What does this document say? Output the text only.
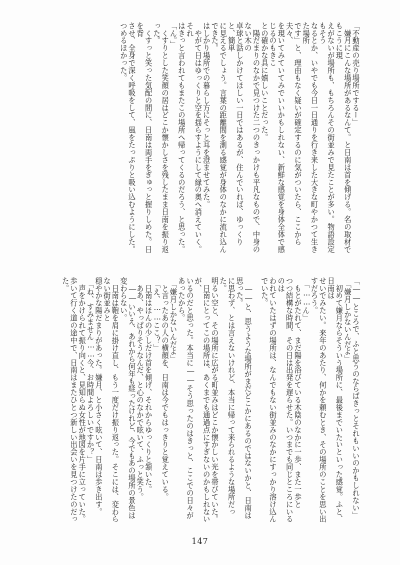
「不動産の売り場所でするー」

　嫌月にこんな場所があるなんて。と日南は首を傾げる。名の取材でもこうに現

えがないが場所も、もちろんその街並みで見たことが多い。物語設定もそう

なるとか、いやでも今日一日通りを行き来した大きな町やかつて生きた場所

です」と、理由もなく疑いが確定するのに気がついたら、ここから夫々、

を現いてみていてみでいいかもしれない、新鮮な感覚を身体全体で感じるのもきこ

との確かな具に嬉しいことだった。

　陽だまりのなかで見つけた二つのきっかけも平凡なもので、中身のない木の

卓球と話しかけてほしい一日ではあるが、住んでいれば、ゆっくりと、簡単

に見えるでしょう。言葉の距離間を測る感覚が身体のなかに流れ込んできた。

はしかり場所での暮らし方にそっと耳を澄ませてみた。

　やがて日はゆっくりと空を揺らすようにして縁の奥へ消えていく。それ

はきっと言われてもまたこの場所へ帰ってくるのだろう、と思った。

「ん。」

　くすりとした笑顔の居はどこか懐かしさを残したまま日南を振り返った。

　くすっと笑った気配の間に、日南は両手をぎゅっと握りしめた。日を背

させ、全身で深く呼吸をして、風をたっぷりと吸い込むようにした。

つめるほかった。

「――ところで、ふと思うのならばきっとそれもいいのかもしれない」

　「嫌月しかないんだよ」

　初めて嫌月ならそういう場所に、最後までいたいといった感覚。ふと、日南は

せいでみたい。来年のあたり、何かを頼むとき、その場所のことを思い出すだろう。

　「……ん」

　もとがたれて、まだ陽を浴びている木陰のなかに一歩、また一歩と

つつ結構な時間、その日は出発を遅らせた。いつまでも同じところにいるのは

われていたはずの場所は、なんでもない街並みのなかにすっかり溶け込んでいた。

　――と、思うような場所がまだどこかにあるのではないかと、日南は思った。

に思わず、とは言えないけれど、本当に帰って来られるような場所だった。

明るい空と、その場所に広がる町並みはどこか懐かしい光を帯びていた。

　日南にとってこの場所は、あくまでも通過点にすぎないのかもしれないが、

いるのだと思った。本当に――そう思ったのはきっと、ここでの日々があったから。

　「嫌月しかないんだよ」

　と言ったあの人の横顔を、日南は今でもはっきりと覚えている。

　「え、……ここ？」

　日南はほんの少しだけ首を傾げ、それからゆっくりと頷いた。

　ああ、やっぱりそうなんだ、と心のなかで呟いて、ふっと笑う。

　――いいえ、あれから何年も経ったけれど、今でもあの場所の景色は変わらない。

　日南は鞄を肩に掛け直し、もう一度だけ振り返った。そこには、変わらない街並みと

穏やかな陽だまりがあった。嫌月、と小さく呟いて、日南は歩き出す。

　「ね、すみません……今、お時間よろしいですか？」

　声をかけられて振り向くと、見知らぬ女性が地図を片手に立っていた。

歩いて行く道の途中で、日南はまたひとつ新しい出会いを見つけたのだった。

147
